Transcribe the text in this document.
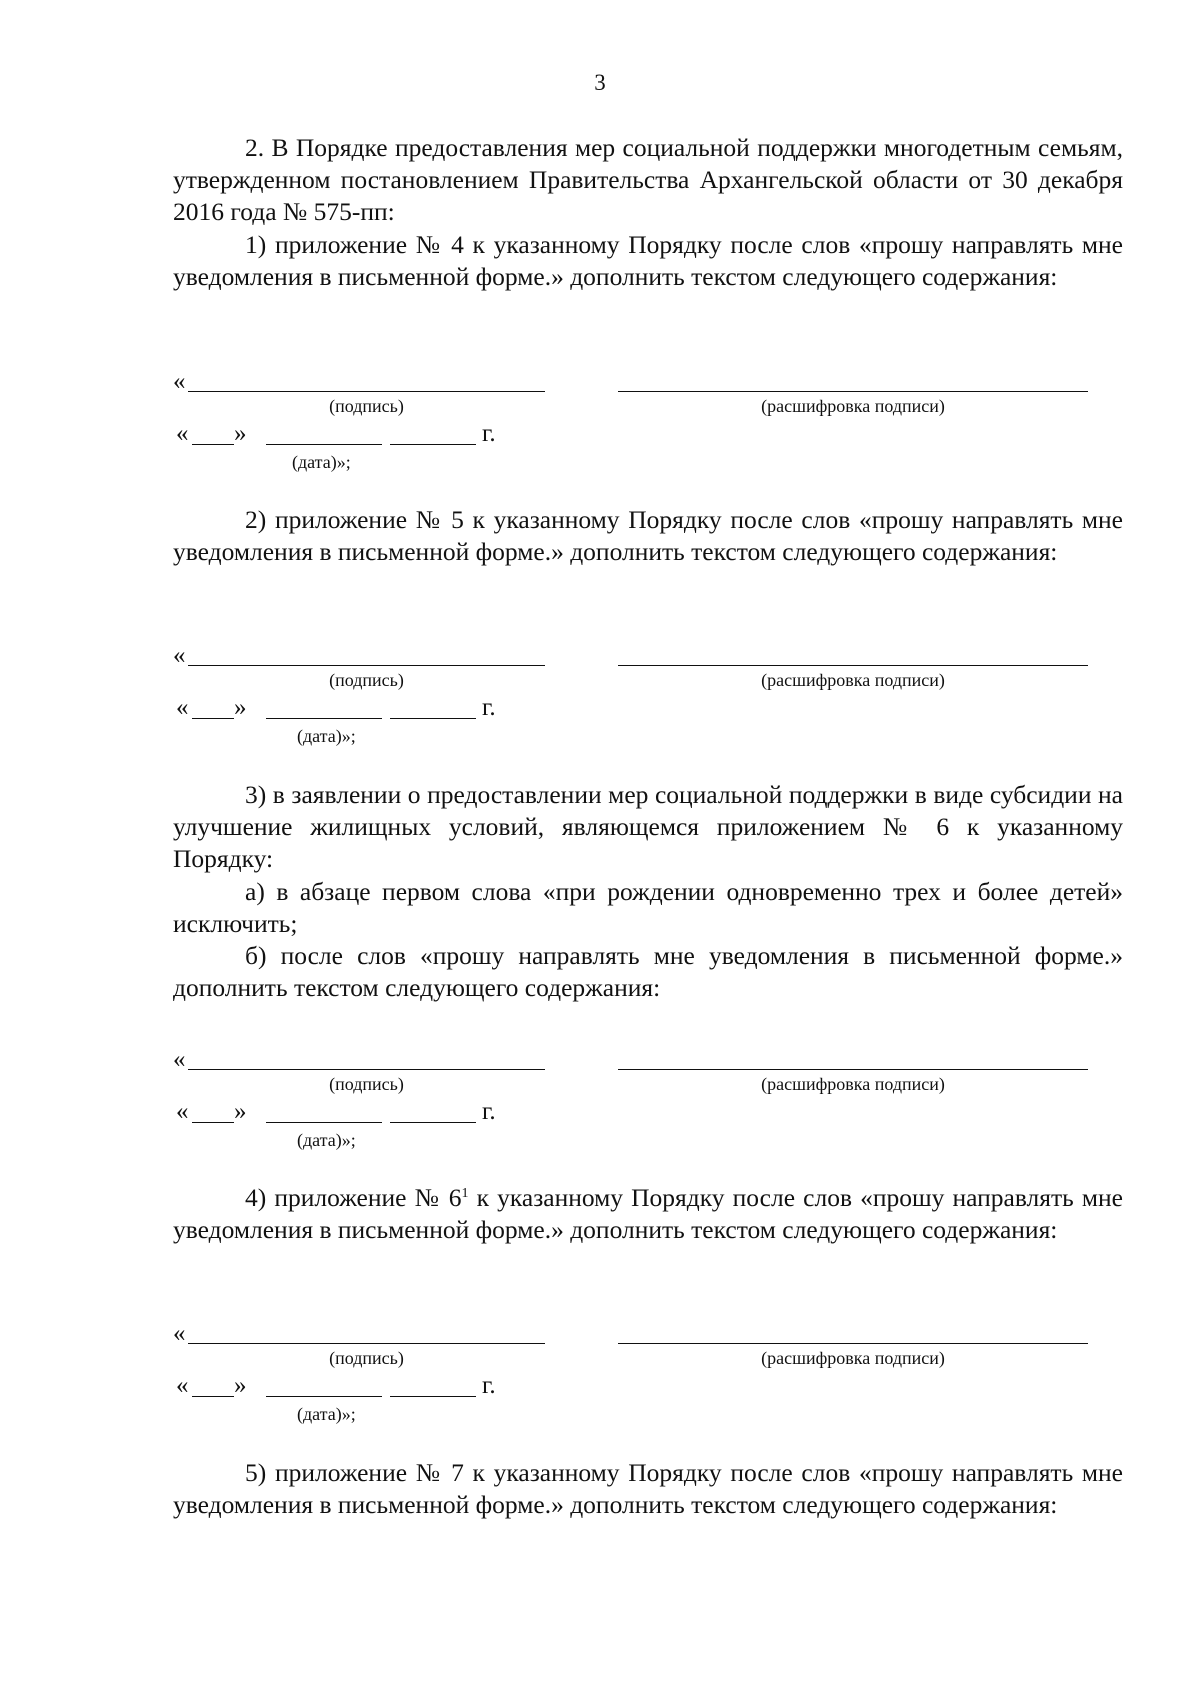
3

2. В Порядке предоставления мер социальной поддержки многодетным семьям, утвержденном постановлением Правительства Архангельской области от 30 декабря 2016 года № 575-пп:

1) приложение № 4 к указанному Порядку после слов «прошу направлять мне уведомления в письменной форме.» дополнить текстом следующего содержания:

«
(подпись)	(расшифровка подписи)
« »	г.
(дата)»;

2) приложение № 5 к указанному Порядку после слов «прошу направлять мне уведомления в письменной форме.» дополнить текстом следующего содержания:

«
(подпись)	(расшифровка подписи)
« »	г.
(дата)»;

3) в заявлении о предоставлении мер социальной поддержки в виде субсидии на улучшение жилищных условий, являющемся приложением № 6 к указанному Порядку:

а) в абзаце первом слова «при рождении одновременно трех и более детей» исключить;

б) после слов «прошу направлять мне уведомления в письменной форме.» дополнить текстом следующего содержания:

«
(подпись)	(расшифровка подписи)
« »	г.
(дата)»;

4) приложение № $6^1$ к указанному Порядку после слов «прошу направлять мне уведомления в письменной форме.» дополнить текстом следующего содержания:

«
(подпись)	(расшифровка подписи)
« »	г.
(дата)»;

5) приложение № 7 к указанному Порядку после слов «прошу направлять мне уведомления в письменной форме.» дополнить текстом следующего содержания:
